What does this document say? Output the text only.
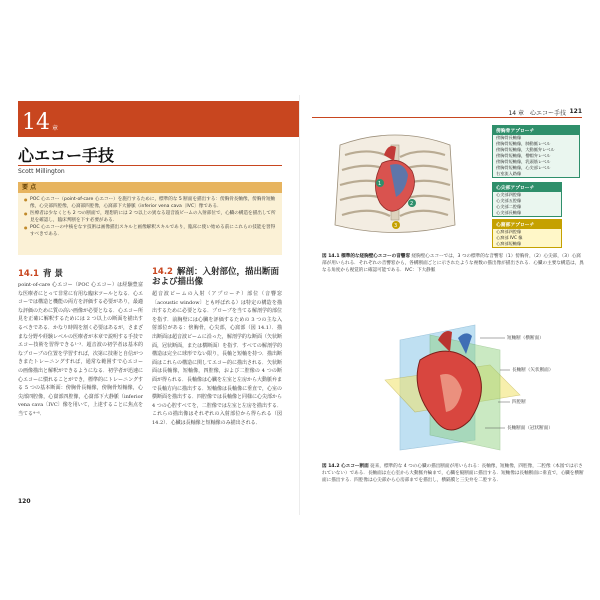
14 章
心エコー手技
Scott Millington
要 点
● POC 心エコー（point-of-care 心エコー）を施行するために，標準的な 5 断面を描出する：傍胸骨長軸像，傍胸骨短軸像，心尖部四腔像，心窩部四腔像，心窩部下大静脈（inferior vena cava〔IVC〕像である．
● 医療者は少なくとも 2 つの断面で，理想的には 2 つ以上の異なる超音波ビームの入射部位で，心臓の構造を描出して所見を確認し，臨床判断を下す必要がある．
● POC 心エコーの中核をなす技術は画像描出スキルと画像解釈スキルであり，臨床に使い始める前にこれらの技能を習得すべきである．
14.1 背 景
point-of-care 心エコー（POC 心エコー）は経験豊富な医療者にとって非常に有用な臨床ツールとなる．心エコーでは構造と機能の両方を評価する必要があり，最適な評価のために質の高い画像が必要となる．心エコー所見を正確に解釈するためには 2 つ以上の断面を描出するべきである．かなり時間を割く必要はあるが，さまざまな分野や経験レベルの医療者が本章で説明する手技でエコー技術を習得できる¹⁻³．超音波の初学者は基本的なプローブの位置を学習すれば，次第に技術と自信がつきまたトレーニングすれば，通常な範囲すで心エコーの画像描出と解釈ができるようになる．初学者が迅速に心エコーに慣れることができ，標準的にトレーニングする 5 つの基本断面：傍胸骨長軸像，傍胸骨短軸像，心尖部四腔像，心窩部四腔像，心窩部下大静脈（inferior vena cava〔IVC〕像を用いて，上達することに焦点を当てる⁴⁻⁶．
14.2 解剖：入射部位，描出断面および描出像
超音波ビームの入射（アプローチ）部位（音響窓〔acoustic window〕とも呼ばれる）は特定の構造を描出するために必要となる．プローブを当てる解剖学的部位を指す．前胸壁には心臓を評価するための 3 つの主な入射部位がある：傍胸骨，心尖部，心窩部（図 14.1）．描出断面は超音波ビームに沿った，解剖学的な断面（矢状断面，冠状断面，または横断面）を指す．すべての解剖学的構造は完全に球形でない限り，長軸と短軸を持つ．描出断面はこれらの構造に関してエコー的に描出される．矢状断面は長軸像，短軸像，四腔像，および二腔像の 4 つの断面が得られる．長軸像は心臓を左室と左房から大動脈弁まで長軸方向に描出する．短軸像は長軸像に垂直で，心室の横断面を描出する．四腔像では長軸像と同様に心尖部から 4 つの心腔すべてを，二腔像では左室と左房を描出する．これらの描出像はそれぞれの入射部位から得られる（図 14.2）．心臓は長軸像と短軸像のみ描出される．
120
14 章　心エコー手技 121
1
2
3
傍胸骨アプローチ
傍胸骨長軸像
傍胸骨短軸像，肺動脈レベル
傍胸骨短軸像，大動脈弁レベル
傍胸骨短軸像，僧帽弁レベル
傍胸骨短軸像，乳頭筋レベル
傍胸骨短軸像，心尖部レベル
右室流入路像
心尖部アプローチ
心尖部四腔像
心尖部五腔像
心尖部二腔像
心尖部長軸像
心窩部アプローチ
心窩部四腔像
心窩部 IVC 像
心窩部短軸像
図 14.1 標準的な経胸壁心エコーの音響窓 経胸壁心エコーでは，3 つの標準的な音響窓（1）傍胸骨，（2）心尖部，（3）心窩部が用いられる．それぞれの音響窓から，各構断面ごとに示されたような複数の描出像が描出される．心臓の主要な構造は，異なる角度から視覚的に確認可能である．IVC：下大静脈
短軸断（横断面）
長軸断（矢状断面）
四腔断
長軸断面（冠状断面）
図 14.2 心エコー断面 従来，標準的な 4 つの心臓の描出断面が用いられる：長軸像，短軸像，四腔像，二腔像（本図では示されていない）である．長軸面は左心室から大動脈弁輪まで，心臓を縦断面に描出する．短軸像は長軸断面に垂直で，心臓を横断面に描出する．四腔像は心尖部から心房部までを描出し，横隔膜と三尖弁を二腔する．
